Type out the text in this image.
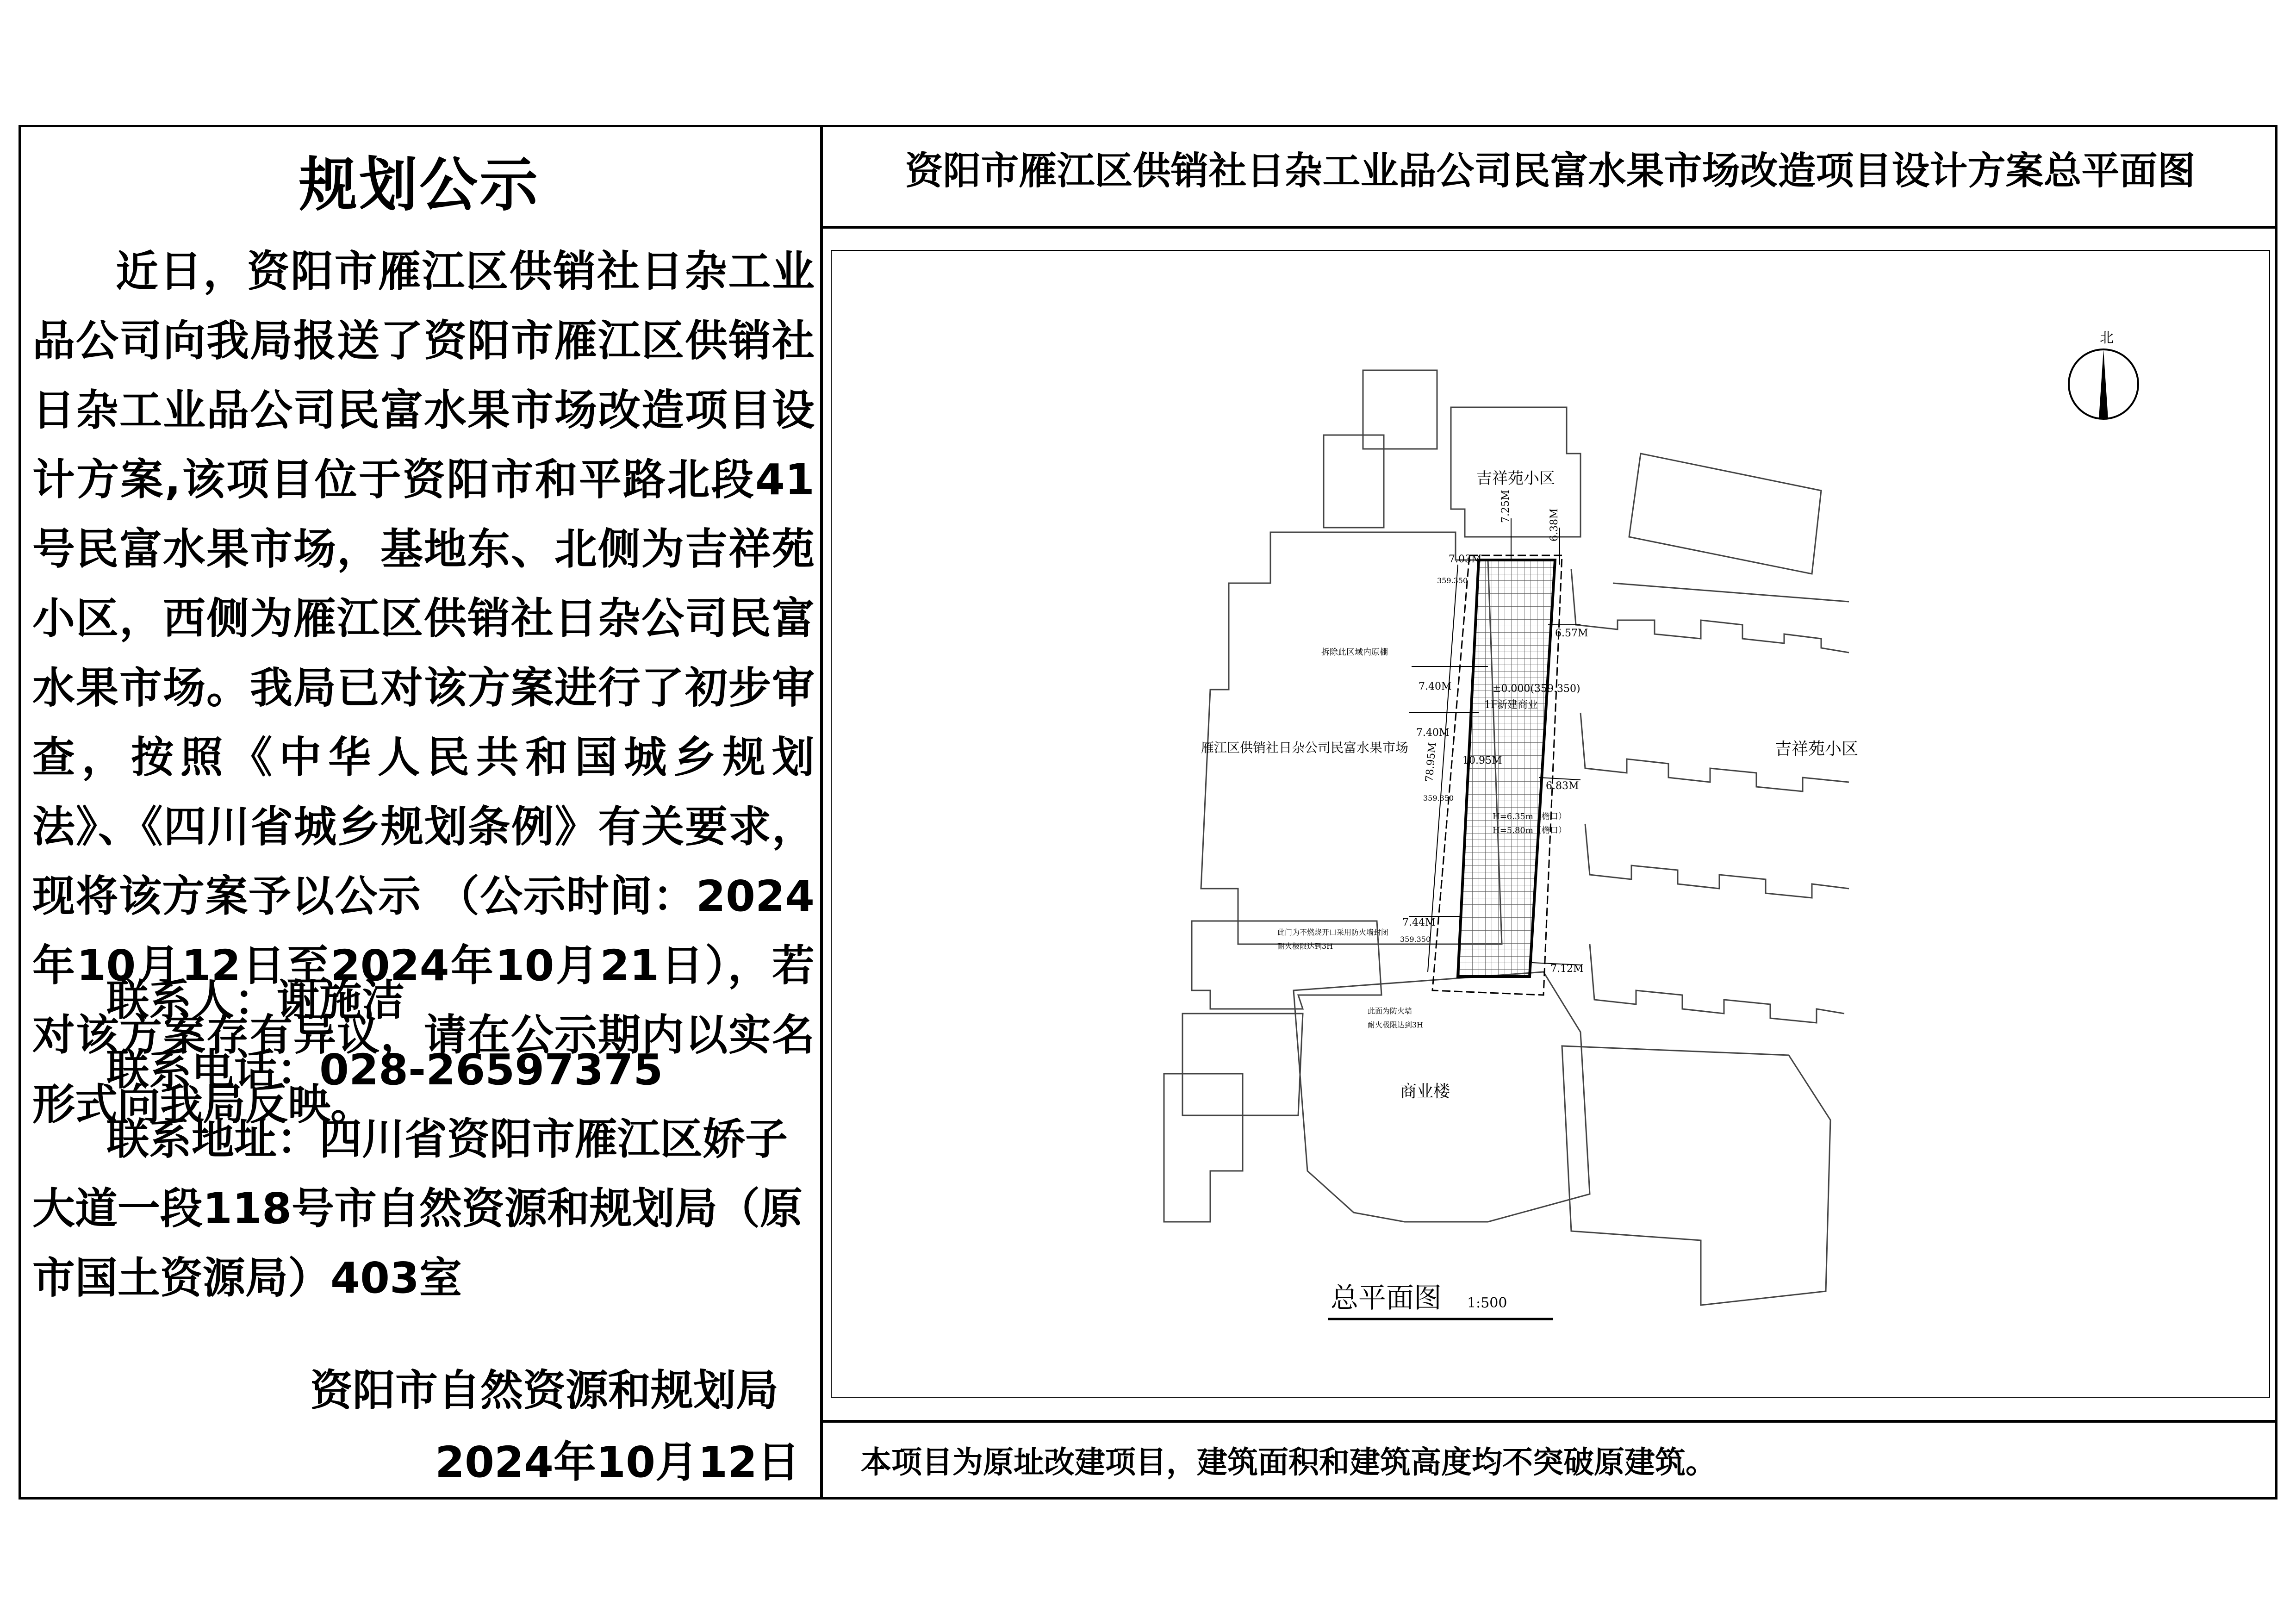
规划公示

近日，资阳市雁江区供销社日杂工业品公司向我局报送了资阳市雁江区供销社日杂工业品公司民富水果市场改造项目设计方案,该项目位于资阳市和平路北段41号民富水果市场，基地东、北侧为吉祥苑小区，西侧为雁江区供销社日杂公司民富水果市场。我局已对该方案进行了初步审查，按照《中华人民共和国城乡规划法》、《四川省城乡规划条例》有关要求，现将该方案予以公示 （公示时间：2024年10月12日至2024年10月21日），若对该方案存有异议，请在公示期内以实名形式向我局反映。

联系人：谢施洁
联系电话：028-26597375
联系地址：四川省资阳市雁江区娇子大道一段118号市自然资源和规划局（原市国土资源局）403室
资阳市自然资源和规划局
2024年10月12日
资阳市雁江区供销社日杂工业品公司民富水果市场改造项目设计方案总平面图
本项目为原址改建项目，建筑面积和建筑高度均不突破原建筑。
北
吉祥苑小区
吉祥苑小区
雁江区供销社日杂公司民富水果市场
商业楼
±0.000(359.350)
1F
新建商业
拆除此区域内原棚
H=6.35m（檐口）
H=5.80m（檐口）
10.95M
6.57M
6.83M
7.12M
7.40M
7.40M
7.44M
7.03M
7.25M
6.38M
78.95M
359.350
359.350
359.350
此门为不燃烧开口采用防火墙封闭
耐火极限达到3H
此面为防火墙
耐火极限达到3H
总平面图 1:500
